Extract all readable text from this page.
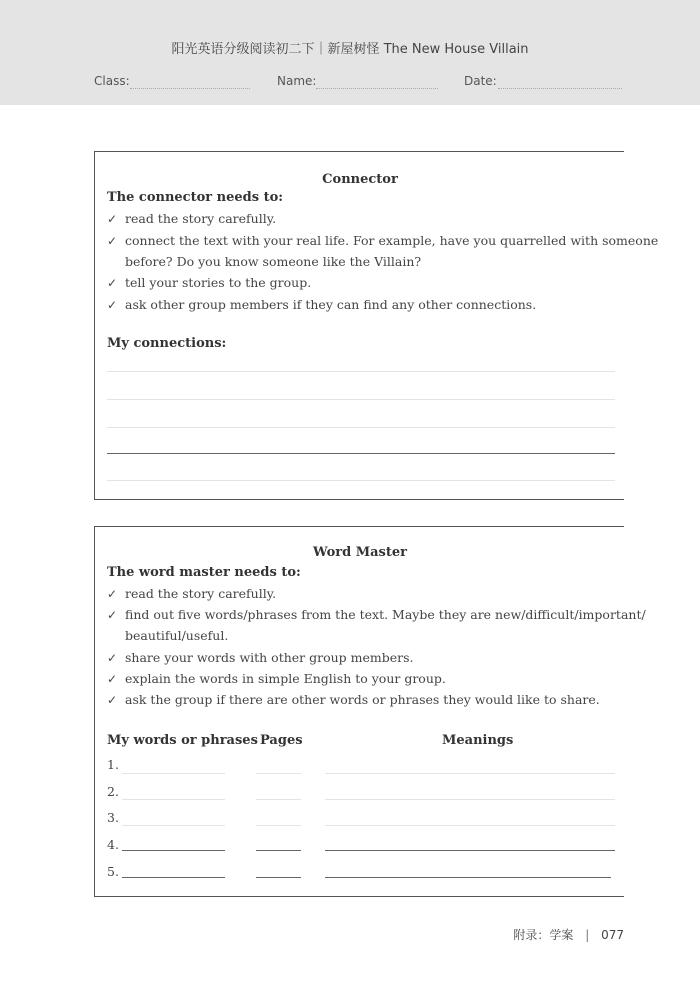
阳光英语分级阅读初二下｜新屋树怪 The New House Villain
Class:	Name:	Date:
Connector
The connector needs to:
✓ read the story carefully.
✓ connect the text with your real life. For example, have you quarrelled with someone
before? Do you know someone like the Villain?
✓ tell your stories to the group.
✓ ask other group members if they can find any other connections.
My connections:
Word Master
The word master needs to:
✓ read the story carefully.
✓ find out five words/phrases from the text. Maybe they are new/difficult/important/
beautiful/useful.
✓ share your words with other group members.
✓ explain the words in simple English to your group.
✓ ask the group if there are other words or phrases they would like to share.
My words or phrases Pages	Meanings
1.
2.
3.
4.
5.
附录：学案 | 077
